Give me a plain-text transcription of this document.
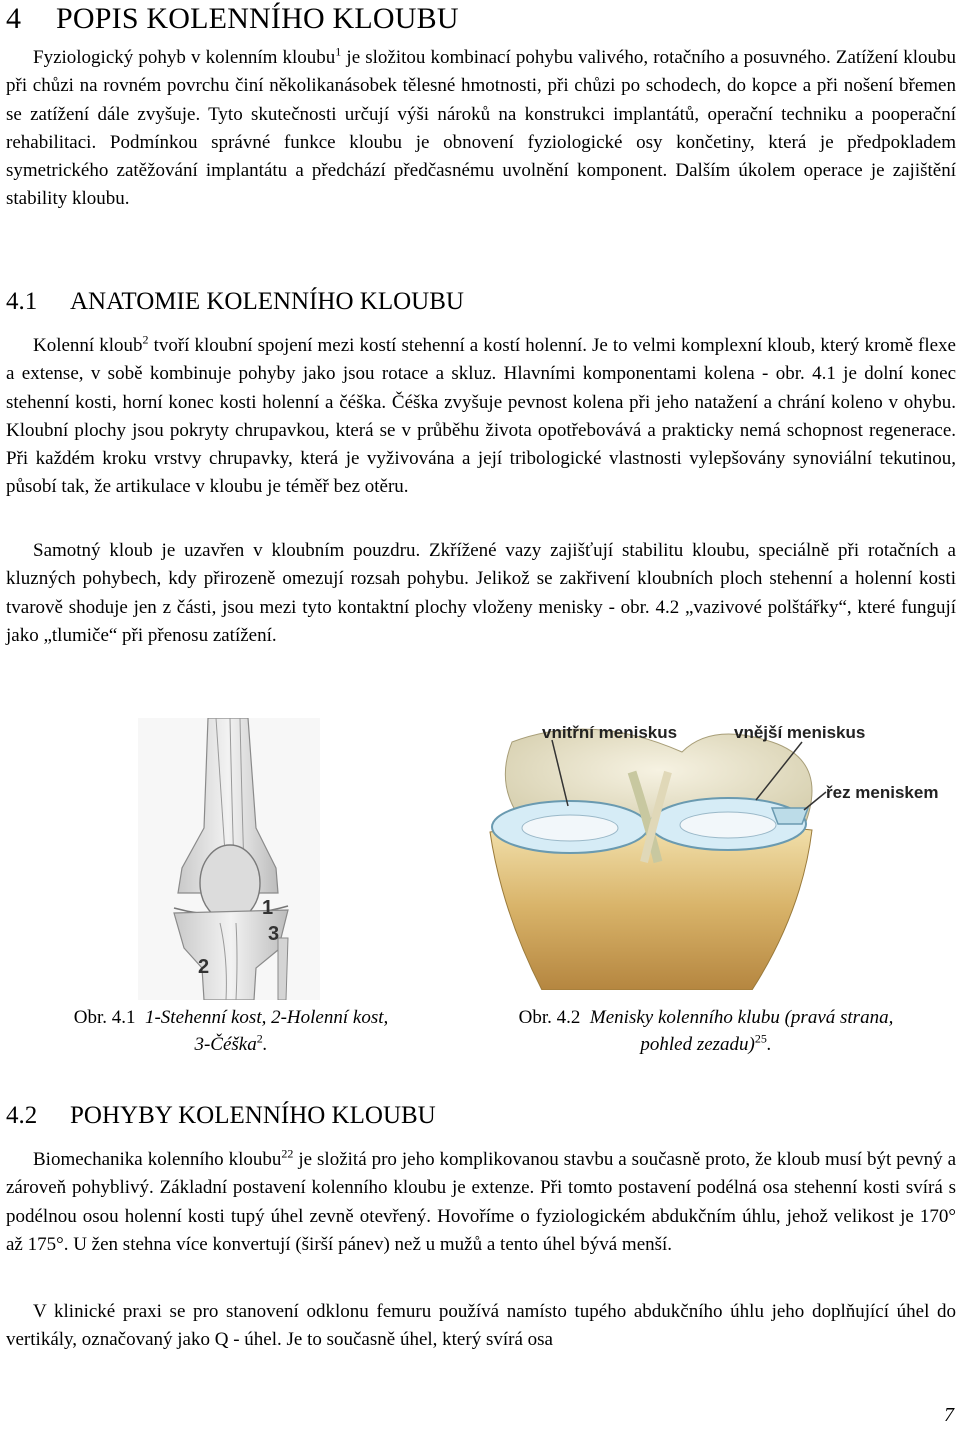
4 POPIS KOLENNÍHO KLOUBU

Fyziologický pohyb v kolenním kloubu$^1$ je složitou kombinací pohybu valivého, rotačního a posuvného. Zatížení kloubu při chůzi na rovném povrchu činí několikanásobek tělesné hmotnosti, při chůzi po schodech, do kopce a při nošení břemen se zatížení dále zvyšuje. Tyto skutečnosti určují výši nároků na konstrukci implantátů, operační techniku a pooperační rehabilitaci. Podmínkou správné funkce kloubu je obnovení fyziologické osy končetiny, která je předpokladem symetrického zatěžování implantátu a předchází předčasnému uvolnění komponent. Dalším úkolem operace je zajištění stability kloubu.

4.1 ANATOMIE KOLENNÍHO KLOUBU

Kolenní kloub$^2$ tvoří kloubní spojení mezi kostí stehenní a kostí holenní. Je to velmi komplexní kloub, který kromě flexe a extense, v sobě kombinuje pohyby jako jsou rotace a skluz. Hlavními komponentami kolena - obr. 4.1 je dolní konec stehenní kosti, horní konec kosti holenní a čéška. Čéška zvyšuje pevnost kolena při jeho natažení a chrání koleno v ohybu. Kloubní plochy jsou pokryty chrupavkou, která se v průběhu života opotřebovává a prakticky nemá schopnost regenerace. Při každém kroku vrstvy chrupavky, která je vyživována a její tribologické vlastnosti vylepšovány synoviální tekutinou, působí tak, že artikulace v kloubu je téměř bez otěru.

Samotný kloub je uzavřen v kloubním pouzdru. Zkřížené vazy zajišťují stabilitu kloubu, speciálně při rotačních a kluzných pohybech, kdy přirozeně omezují rozsah pohybu. Jelikož se zakřivení kloubních ploch stehenní a holenní kosti tvarově shoduje jen z části, jsou mezi tyto kontaktní plochy vloženy menisky - obr. 4.2 „vazivové polštářky“, které fungují jako „tlumiče“ při přenosu zatížení.

1
2
3
vnitřní meniskus	vnější meniskus
řez meniskem
Obr. 4.1 1-Stehenní kost, 2-Holenní kost,
3-Čéška$^2$.
Obr. 4.2 Menisky kolenního klubu (pravá strana,
pohled zezadu)$^{25}$.
4.2 POHYBY KOLENNÍHO KLOUBU

Biomechanika kolenního kloubu$^{22}$ je složitá pro jeho komplikovanou stavbu a současně proto, že kloub musí být pevný a zároveň pohyblivý. Základní postavení kolenního kloubu je extenze. Při tomto postavení podélná osa stehenní kosti svírá s podélnou osou holenní kosti tupý úhel zevně otevřený. Hovoříme o fyziologickém abdukčním úhlu, jehož velikost je 170° až 175°. U žen stehna více konvertují (širší pánev) než u mužů a tento úhel bývá menší.

V klinické praxi se pro stanovení odklonu femuru používá namísto tupého abdukčního úhlu jeho doplňující úhel do vertikály, označovaný jako Q - úhel. Je to současně úhel, který svírá osa

7
